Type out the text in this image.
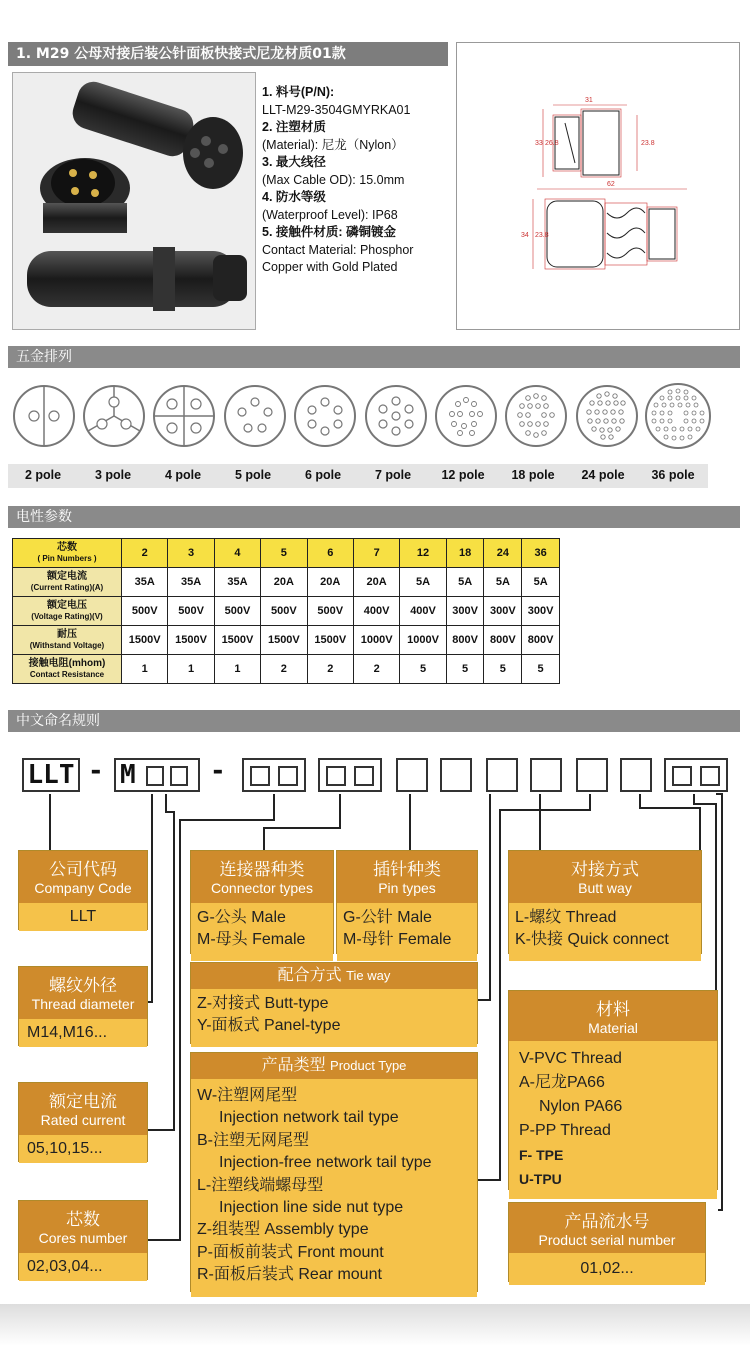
1. M29 公母对接后装公针面板快接式尼龙材质01款
1. 料号(P/N):
LLT-M29-3504GMYRKA01
2. 注塑材质
(Material): 尼龙（Nylon）
3. 最大线径
(Max Cable OD): 15.0mm
4. 防水等级
(Waterproof Level): IP68
5. 接触件材质: 磷铜镀金
Contact Material: Phosphor
Copper with Gold Plated
31
33 26.8	23.8
62
34 23.8
五金排列
2 pole	3 pole	4 pole	5 pole	6 pole	7 pole	12 pole	18 pole	24 pole	36 pole
电性参数
芯数
( Pin Numbers )	2	3	4	5	6	7	12	18	24	36
额定电流
(Current Rating)(A)	35A	35A	35A	20A	20A	20A	5A	5A	5A	5A
额定电压
(Voltage Rating)(V)	500V	500V	500V	500V	500V	400V	400V	300V	300V	300V
耐压
(Withstand Voltage)	1500V	1500V	1500V	1500V	1500V	1000V	1000V	800V	800V	800V
接触电阻(mhom)
Contact Resistance	1	1	1	2	2	2	5	5	5	5
中文命名规则
LLT - M	-
公司代码
Company Code
LLT
螺纹外径
Thread diameter
M14,M16...
额定电流
Rated current
05,10,15...
芯数
Cores number
02,03,04...
连接器种类
Connector types
G-公头 Male
M-母头 Female
插针种类
Pin types
G-公针 Male
M-母针 Female
对接方式
Butt way
L-螺纹 Thread
K-快接 Quick connect
配合方式 Tie way
Z-对接式 Butt-type
Y-面板式 Panel-type
产品类型 Product Type
W-注塑网尾型
Injection network tail type
B-注塑无网尾型
Injection-free network tail type
L-注塑线端螺母型
Injection line side nut type
Z-组装型 Assembly type
P-面板前装式 Front mount
R-面板后装式 Rear mount
材料
Material
V-PVC Thread
A-尼龙PA66
Nylon PA66
P-PP Thread
F- TPE
U-TPU
产品流水号
Product serial number
01,02...
